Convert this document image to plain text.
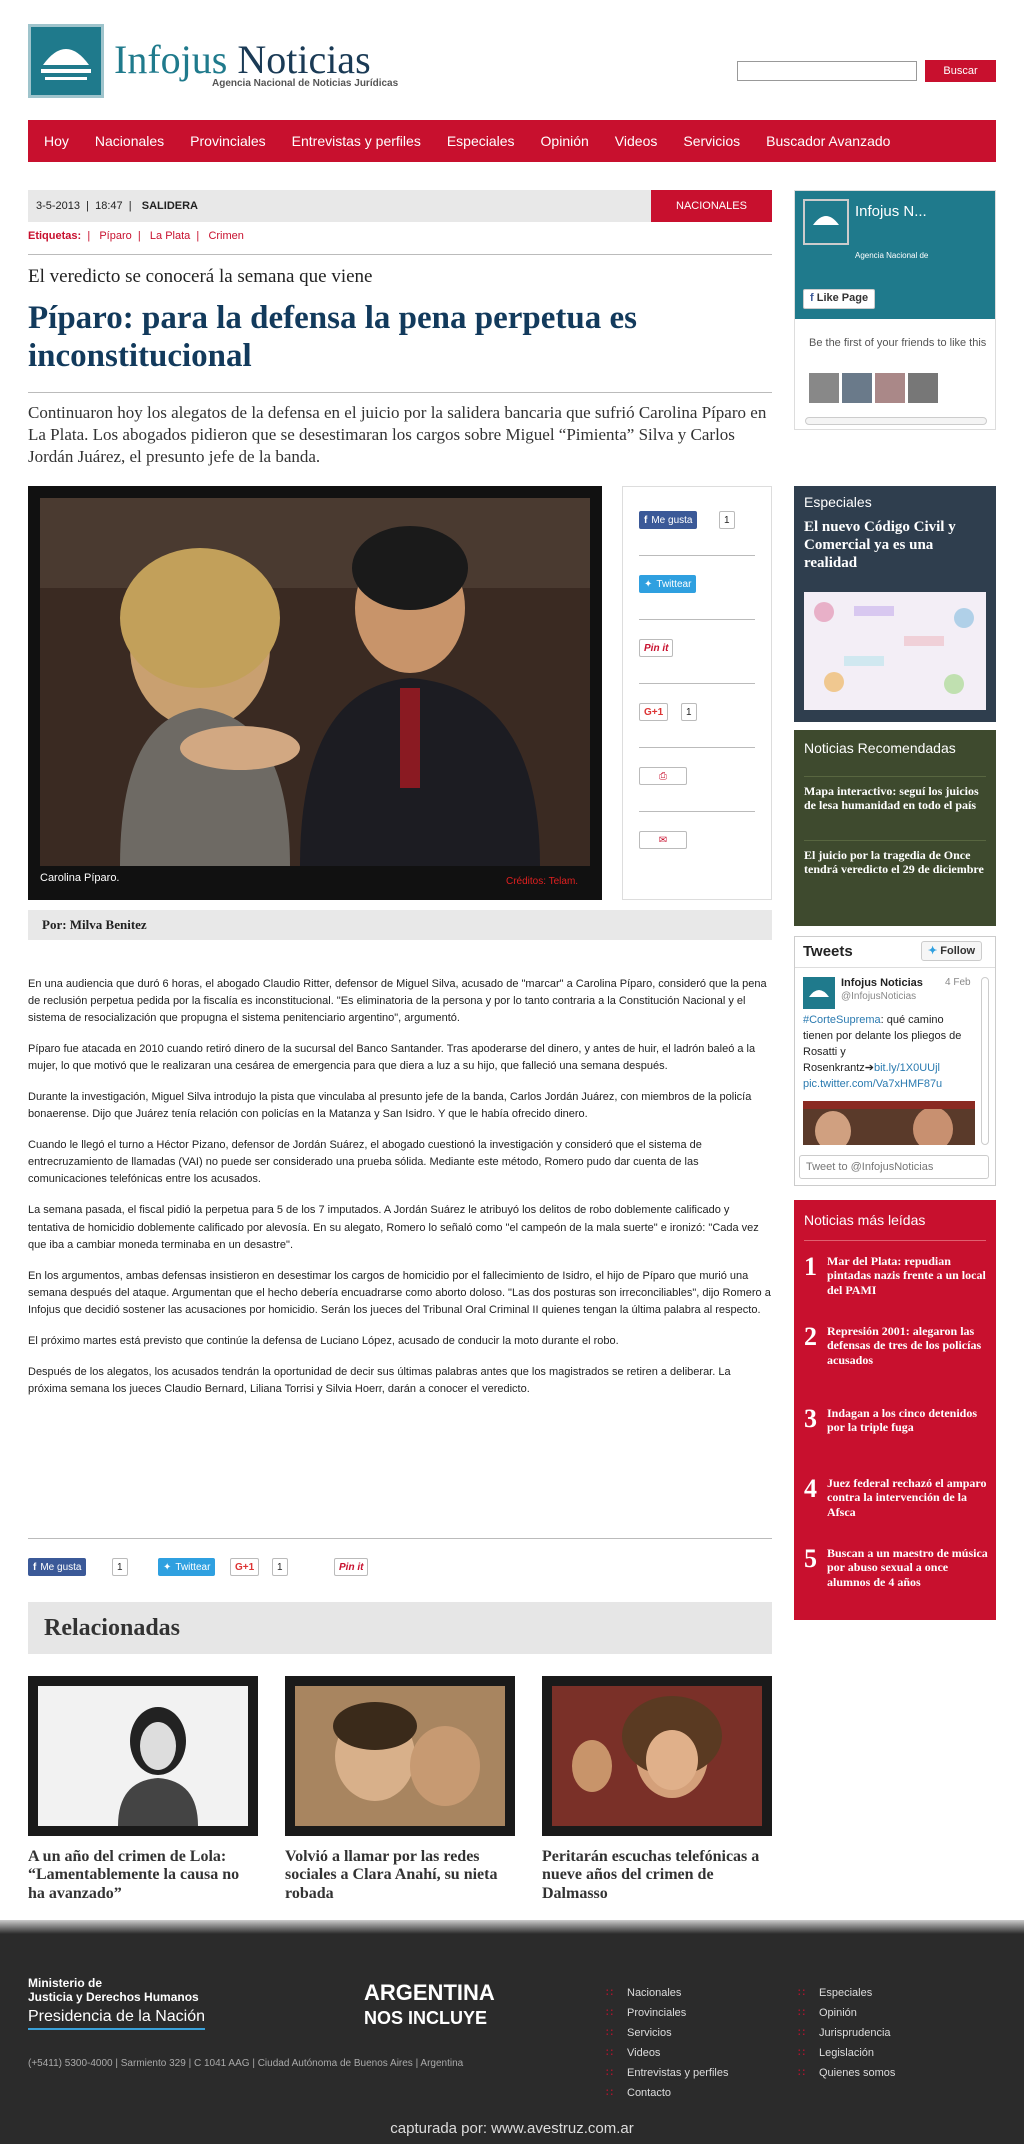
Infojus Noticias
Agencia Nacional de Noticias Jurídicas
Buscar
Hoy Nacionales Provinciales Entrevistas y perfiles Especiales Opinión Videos Servicios Buscador Avanzado
3-5-2013 | 18:47 | SALIDERA	NACIONALES
Etiquetas: | Píparo | La Plata | Crimen
El veredicto se conocerá la semana que viene
Píparo: para la defensa la pena perpetua es inconstitucional

Continuaron hoy los alegatos de la defensa en el juicio por la salidera bancaria que sufrió Carolina Píparo en La Plata. Los abogados pidieron que se desestimaran los cargos sobre Miguel “Pimienta” Silva y Carlos Jordán Juárez, el presunto jefe de la banda.

Carolina Píparo.	Créditos: Telam.
f Me gusta	1
✦ Twittear
Pin it
G+1	1
⎙
✉
Por: Milva Benitez

En una audiencia que duró 6 horas, el abogado Claudio Ritter, defensor de Miguel Silva, acusado de "marcar" a Carolina Píparo, consideró que la pena de reclusión perpetua pedida por la fiscalía es inconstitucional. "Es eliminatoria de la persona y por lo tanto contraria a la Constitución Nacional y el sistema de resocialización que propugna el sistema penitenciario argentino", argumentó.

Píparo fue atacada en 2010 cuando retiró dinero de la sucursal del Banco Santander. Tras apoderarse del dinero, y antes de huir, el ladrón baleó a la mujer, lo que motivó que le realizaran una cesárea de emergencia para que diera a luz a su hijo, que falleció una semana después.

Durante la investigación, Miguel Silva introdujo la pista que vinculaba al presunto jefe de la banda, Carlos Jordán Juárez, con miembros de la policía bonaerense. Dijo que Juárez tenía relación con policías en la Matanza y San Isidro. Y que le había ofrecido dinero.

Cuando le llegó el turno a Héctor Pizano, defensor de Jordán Suárez, el abogado cuestionó la investigación y consideró que el sistema de entrecruzamiento de llamadas (VAI) no puede ser considerado una prueba sólida. Mediante este método, Romero pudo dar cuenta de las comunicaciones telefónicas entre los acusados.

La semana pasada, el fiscal pidió la perpetua para 5 de los 7 imputados. A Jordán Suárez le atribuyó los delitos de robo doblemente calificado y tentativa de homicidio doblemente calificado por alevosía. En su alegato, Romero lo señaló como "el campeón de la mala suerte" e ironizó: "Cada vez que iba a cambiar moneda terminaba en un desastre".

En los argumentos, ambas defensas insistieron en desestimar los cargos de homicidio por el fallecimiento de Isidro, el hijo de Píparo que murió una semana después del ataque. Argumentan que el hecho debería encuadrarse como aborto doloso. "Las dos posturas son irreconciliables", dijo Romero a Infojus que decidió sostener las acusaciones por homicidio. Serán los jueces del Tribunal Oral Criminal II quienes tengan la última palabra al respecto.

El próximo martes está previsto que continúe la defensa de Luciano López, acusado de conducir la moto durante el robo.

Después de los alegatos, los acusados tendrán la oportunidad de decir sus últimas palabras antes que los magistrados se retiren a deliberar. La próxima semana los jueces Claudio Bernard, Liliana Torrisi y Silvia Hoerr, darán a conocer el veredicto.

f Me gusta	1	✦ Twittear	G+1	1	Pin it
Relacionadas
A un año del crimen de Lola: “Lamentablemente la causa no ha avanzado”
Volvió a llamar por las redes sociales a Clara Anahí, su nieta robada
Peritarán escuchas telefónicas a nueve años del crimen de Dalmasso
Infojus N...
Agencia Nacional de
f Like Page
Be the first of your friends to like this
Especiales
El nuevo Código Civil y Comercial ya es una realidad
Noticias Recomendadas
Mapa interactivo: seguí los juicios de lesa humanidad en todo el país
El juicio por la tragedia de Once tendrá veredicto el 29 de diciembre
Tweets	✦ Follow
Infojus Noticias 4 Feb
@InfojusNoticias
#CorteSuprema: qué camino tienen por delante los pliegos de Rosatti y Rosenkrantz➔bit.ly/1X0UUjl
pic.twitter.com/Va7xHMF87u
Tweet to @InfojusNoticias
Noticias más leídas
1 Mar del Plata: repudian pintadas nazis frente a un local del PAMI
2 Represión 2001: alegaron las defensas de tres de los policías acusados
3 Indagan a los cinco detenidos por la triple fuga
4 Juez federal rechazó el amparo contra la intervención de la Afsca
5 Buscan a un maestro de música por abuso sexual a once alumnos de 4 años
Ministerio de
Justicia y Derechos Humanos
Presidencia de la Nación
ARGENTINA
NOS INCLUYE
(+5411) 5300-4000 | Sarmiento 329 | C 1041 AAG | Ciudad Autónoma de Buenos Aires | Argentina
∷ Nacionales
∷ Provinciales
∷ Servicios
∷ Videos
∷ Entrevistas y perfiles
∷ Contacto
∷ Especiales
∷ Opinión
∷ Jurisprudencia
∷ Legislación
∷ Quienes somos
capturada por: www.avestruz.com.ar
